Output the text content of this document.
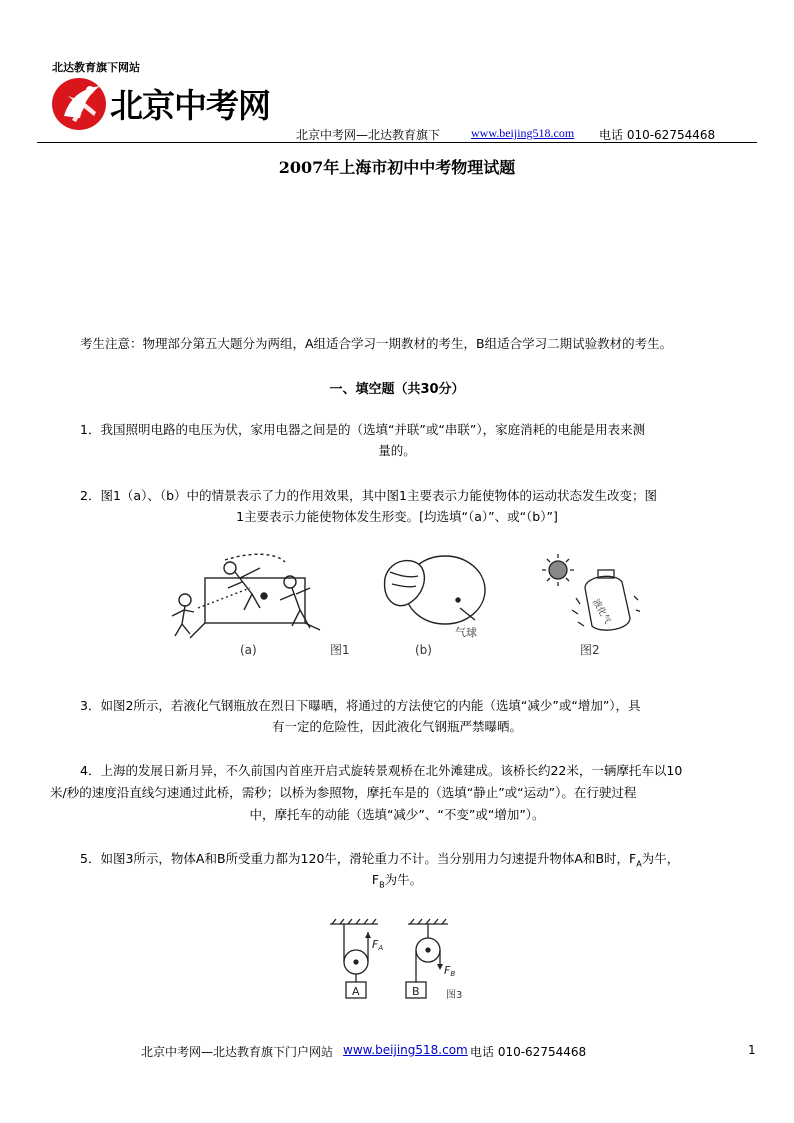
北达教育旗下网站
北京中考网
北京中考网—北达教育旗下	www.beijing518.com 电话 010-62754468
2007年上海市初中中考物理试题
考生注意：物理部分第五大题分为两组，A组适合学习一期教材的考生，B组适合学习二期试验教材的考生。
一、填空题（共30分）
1．我国照明电路的电压为伏，家用电器之间是的（选填“并联”或“串联”），家庭消耗的电能是用表来测
量的。
2．图1（a）、（b）中的情景表示了力的作用效果，其中图1主要表示力能使物体的运动状态发生改变；图
1主要表示力能使物体发生形变。[均选填“（a）”、或“（b）”]
(a)	图1
气球
(b)
液化气
图2
3．如图2所示，若液化气钢瓶放在烈日下曝晒，将通过的方法使它的内能（选填“减少”或“增加”），具
有一定的危险性，因此液化气钢瓶严禁曝晒。
4．上海的发展日新月异，不久前国内首座开启式旋转景观桥在北外滩建成。该桥长约22米，一辆摩托车以10
米/秒的速度沿直线匀速通过此桥，需秒；以桥为参照物，摩托车是的（选填“静止”或“运动”）。在行驶过程
中，摩托车的动能（选填“减少”、“不变”或“增加”）。
5．如图3所示，物体A和B所受重力都为120牛，滑轮重力不计。当分别用力匀速提升物体A和B时，$F_A$为牛，
$F_B$为牛。
A	B
FA
FB
图3
北京中考网—北达教育旗下门户网站 www.beijing518.com 电话 010-62754468	1
